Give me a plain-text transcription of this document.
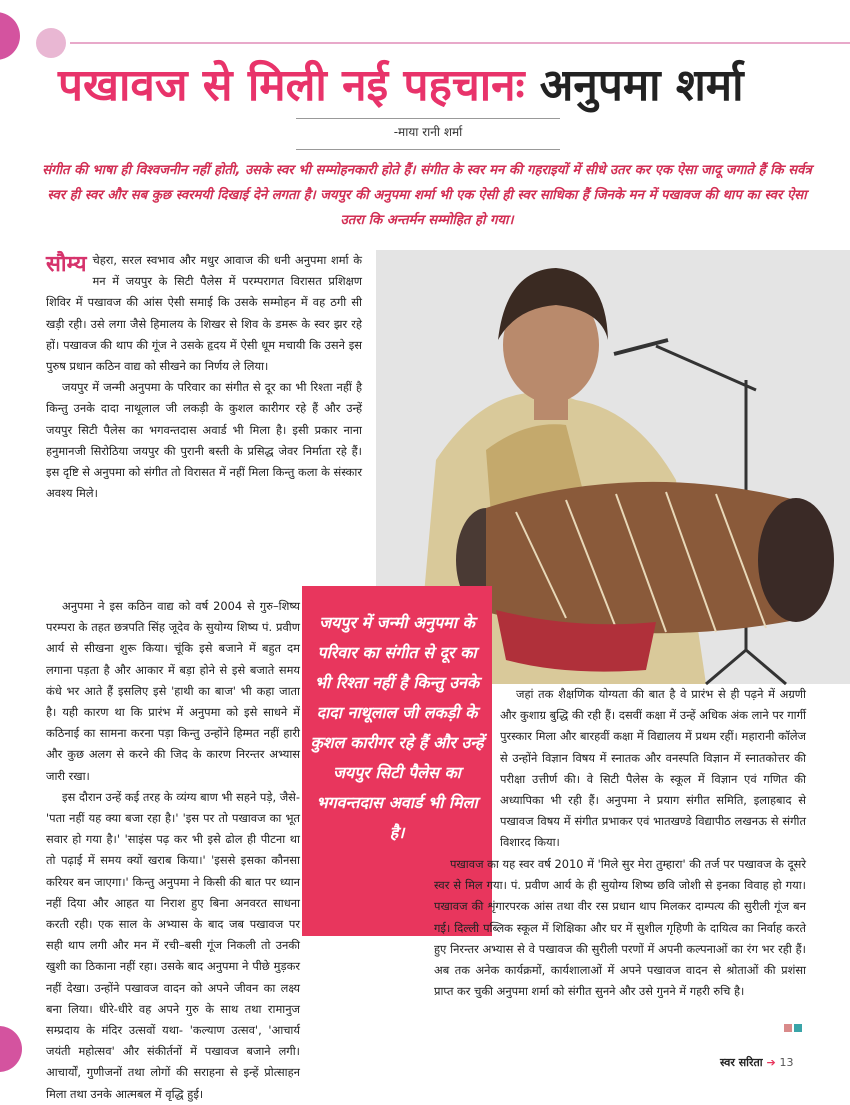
पखावज से मिली नई पहचानः अनुपमा शर्मा
-माया रानी शर्मा
संगीत की भाषा ही विश्वजनीन नहीं होती, उसके स्वर भी सम्मोहनकारी होते हैं। संगीत के स्वर मन की गहराइयों में सीधे उतर कर एक ऐसा जादू जगाते हैं कि सर्वत्र स्वर ही स्वर और सब कुछ स्वरमयी दिखाई देने लगता है। जयपुर की अनुपमा शर्मा भी एक ऐसी ही स्वर साधिका हैं जिनके मन में पखावज की थाप का स्वर ऐसा उतरा कि अन्तर्मन सम्मोहित हो गया।

सौम्य चेहरा, सरल स्वभाव और मधुर आवाज की धनी अनुपमा शर्मा के मन में जयपुर के सिटी पैलेस में परम्परागत विरासत प्रशिक्षण शिविर में पखावज की आंस ऐसी समाई कि उसके सम्मोहन में वह ठगी सी खड़ी रही। उसे लगा जैसे हिमालय के शिखर से शिव के डमरू के स्वर झर रहे हों। पखावज की थाप की गूंज ने उसके हृदय में ऐसी धूम मचायी कि उसने इस पुरुष प्रधान कठिन वाद्य को सीखने का निर्णय ले लिया।

जयपुर में जन्मी अनुपमा के परिवार का संगीत से दूर का भी रिश्ता नहीं है किन्तु उनके दादा नाथूलाल जी लकड़ी के कुशल कारीगर रहे हैं और उन्हें जयपुर सिटी पैलेस का भगवन्तदास अवार्ड भी मिला है। इसी प्रकार नाना हनुमानजी सिरोठिया जयपुर की पुरानी बस्ती के प्रसिद्ध जेवर निर्माता रहे हैं। इस दृष्टि से अनुपमा को संगीत तो विरासत में नहीं मिला किन्तु कला के संस्कार अवश्य मिले।

अनुपमा ने इस कठिन वाद्य को वर्ष 2004 से गुरु–शिष्य परम्परा के तहत छत्रपति सिंह जूदेव के सुयोग्य शिष्य पं. प्रवीण आर्य से सीखना शुरू किया। चूंकि इसे बजाने में बहुत दम लगाना पड़ता है और आकार में बड़ा होने से इसे बजाते समय कंधे भर आते हैं इसलिए इसे 'हाथी का बाज' भी कहा जाता है। यही कारण था कि प्रारंभ में अनुपमा को इसे साधने में कठिनाई का सामना करना पड़ा किन्तु उन्होंने हिम्मत नहीं हारी और कुछ अलग से करने की जिद के कारण निरन्तर अभ्यास जारी रखा।

इस दौरान उन्हें कई तरह के व्यंग्य बाण भी सहने पड़े, जैसे-'पता नहीं यह क्या बजा रहा है।' 'इस पर तो पखावज का भूत सवार हो गया है।' 'साइंस पढ़ कर भी इसे ढोल ही पीटना था तो पढ़ाई में समय क्यों खराब किया।' 'इससे इसका कौनसा करियर बन जाएगा।' किन्तु अनुपमा ने किसी की बात पर ध्यान नहीं दिया और आहत या निराश हुए बिना अनवरत साधना करती रही। एक साल के अभ्यास के बाद जब पखावज पर सही थाप लगी और मन में रची–बसी गूंज निकली तो उनकी खुशी का ठिकाना नहीं रहा। उसके बाद अनुपमा ने पीछे मुड़कर नहीं देखा। उन्होंने पखावज वादन को अपने जीवन का लक्ष्य बना लिया। धीरे-धीरे वह अपने गुरु के साथ तथा रामानुज सम्प्रदाय के मंदिर उत्सवों यथा- 'कल्याण उत्सव', 'आचार्य जयंती महोत्सव' और संकीर्तनों में पखावज बजाने लगी। आचार्यों, गुणीजनों तथा लोगों की सराहना से इन्हें प्रोत्साहन मिला तथा उनके आत्मबल में वृद्धि हुई।

जयपुर में जन्मी अनुपमा के परिवार का संगीत से दूर का भी रिश्ता नहीं है किन्तु उनके दादा नाथूलाल जी लकड़ी के कुशल कारीगर रहे हैं और उन्हें जयपुर सिटी पैलेस का भगवन्तदास अवार्ड भी मिला है।

जहां तक शैक्षणिक योग्यता की बात है वे प्रारंभ से ही पढ़ने में अग्रणी और कुशाग्र बुद्धि की रही हैं। दसवीं कक्षा में उन्हें अधिक अंक लाने पर गार्गी पुरस्कार मिला और बारहवीं कक्षा में विद्यालय में प्रथम रहीं। महारानी कॉलेज से उन्होंने विज्ञान विषय में स्नातक और वनस्पति विज्ञान में स्नातकोत्तर की परीक्षा उत्तीर्ण की। वे सिटी पैलेस के स्कूल में विज्ञान एवं गणित की अध्यापिका भी रही हैं। अनुपमा ने प्रयाग संगीत समिति, इलाहबाद से पखावज विषय में संगीत प्रभाकर एवं भातखण्डे विद्यापीठ लखनऊ से संगीत विशारद किया।

पखावज का यह स्वर वर्ष 2010 में 'मिले सुर मेरा तुम्हारा' की तर्ज पर पखावज के दूसरे स्वर से मिल गया। पं. प्रवीण आर्य के ही सुयोग्य शिष्य छवि जोशी से इनका विवाह हो गया। पखावज की शृंगारपरक आंस तथा वीर रस प्रधान थाप मिलकर दाम्पत्य की सुरीली गूंज बन गई। दिल्ली पब्लिक स्कूल में शिक्षिका और घर में सुशील गृहिणी के दायित्व का निर्वाह करते हुए निरन्तर अभ्यास से वे पखावज की सुरीली परणों में अपनी कल्पनाओं का रंग भर रही हैं। अब तक अनेक कार्यक्रमों, कार्यशालाओं में अपने पखावज वादन से श्रोताओं की प्रशंसा प्राप्त कर चुकी अनुपमा शर्मा को संगीत सुनने और उसे गुनने में गहरी रुचि है।

स्वर सरिता ➔ 13
